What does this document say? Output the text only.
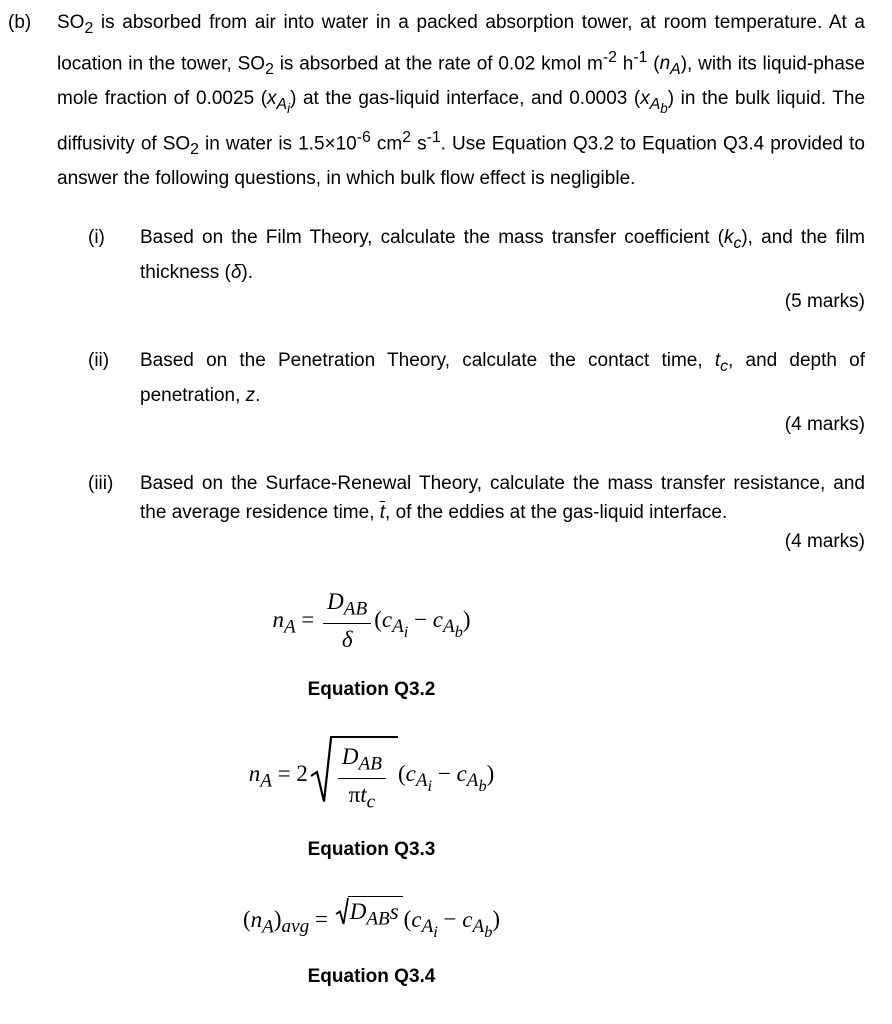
(b)	$SO_2$ is absorbed from air into water in a packed absorption tower, at room temperature. At a location in the tower, $SO_2$ is absorbed at the rate of 0.02 kmol $m^{-2}$ $h^{-1}$ $(n_A)$, with its liquid-phase mole fraction of 0.0025 $(x_{A_i})$ at the gas-liquid interface, and 0.0003 $(x_{A_b})$ in the bulk liquid. The diffusivity of $SO_2$ in water is $1.5\times 10^{-6}$ $cm^2$ $s^{-1}$. Use Equation Q3.2 to Equation Q3.4 provided to answer the following questions, in which bulk flow effect is negligible.

(i)	Based on the Film Theory, calculate the mass transfer coefficient $(k_c)$, and the film thickness (δ).

(5 marks)

(ii)	Based on the Penetration Theory, calculate the contact time, $t_c$, and depth of penetration, z.

(4 marks)

(iii)	Based on the Surface-Renewal Theory, calculate the mass transfer resistance, and the average residence time, $\overline{t}$, of the eddies at the gas-liquid interface.

(4 marks)

$n_A = \frac{D_{AB}}{\delta} (c_{A_i} - c_{A_b})$
Equation Q3.2
$n_A = 2 \frac{D_{AB}}{\pi t_c} (c_{A_i} - c_{A_b})$
Equation Q3.3
$(n_A)_{avg} = D_{AB}s$ $(c_{A_i} - c_{A_b})$
Equation Q3.4
